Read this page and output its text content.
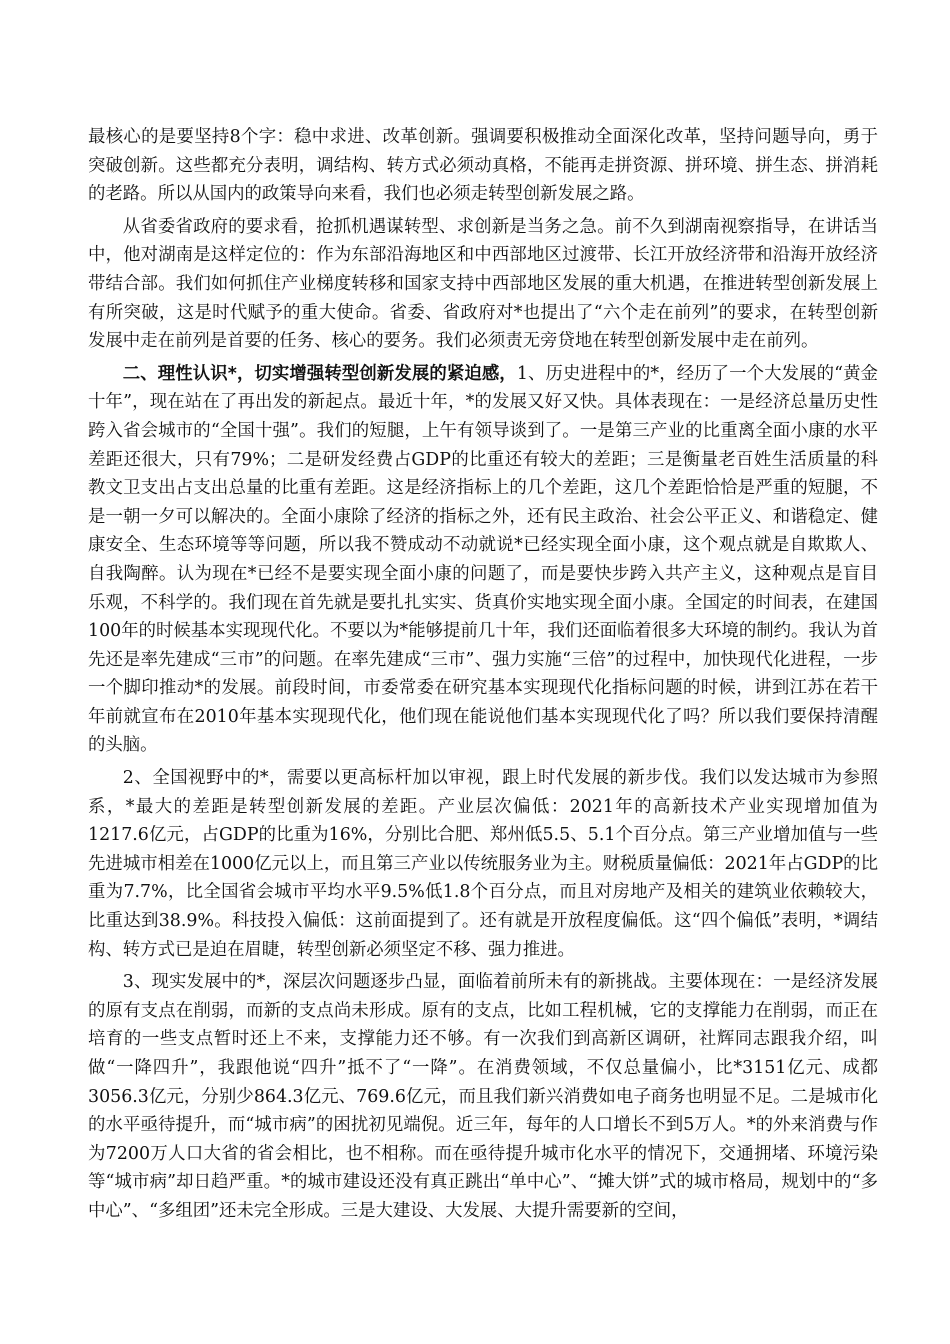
最核心的是要坚持8个字：稳中求进、改革创新。强调要积极推动全面深化改革，坚持问题导向，勇于突破创新。这些都充分表明，调结构、转方式必须动真格，不能再走拼资源、拼环境、拼生态、拼消耗的老路。所以从国内的政策导向来看，我们也必须走转型创新发展之路。

从省委省政府的要求看，抢抓机遇谋转型、求创新是当务之急。前不久到湖南视察指导，在讲话当中，他对湖南是这样定位的：作为东部沿海地区和中西部地区过渡带、长江开放经济带和沿海开放经济带结合部。我们如何抓住产业梯度转移和国家支持中西部地区发展的重大机遇，在推进转型创新发展上有所突破，这是时代赋予的重大使命。省委、省政府对*也提出了“六个走在前列”的要求，在转型创新发展中走在前列是首要的任务、核心的要务。我们必须责无旁贷地在转型创新发展中走在前列。

二、理性认识*，切实增强转型创新发展的紧迫感，1、历史进程中的*，经历了一个大发展的“黄金十年”，现在站在了再出发的新起点。最近十年，*的发展又好又快。具体表现在：一是经济总量历史性跨入省会城市的“全国十强”。我们的短腿，上午有领导谈到了。一是第三产业的比重离全面小康的水平差距还很大，只有79%；二是研发经费占GDP的比重还有较大的差距；三是衡量老百姓生活质量的科教文卫支出占支出总量的比重有差距。这是经济指标上的几个差距，这几个差距恰恰是严重的短腿，不是一朝一夕可以解决的。全面小康除了经济的指标之外，还有民主政治、社会公平正义、和谐稳定、健康安全、生态环境等等问题，所以我不赞成动不动就说*已经实现全面小康，这个观点就是自欺欺人、自我陶醉。认为现在*已经不是要实现全面小康的问题了，而是要快步跨入共产主义，这种观点是盲目乐观，不科学的。我们现在首先就是要扎扎实实、货真价实地实现全面小康。全国定的时间表，在建国100年的时候基本实现现代化。不要以为*能够提前几十年，我们还面临着很多大环境的制约。我认为首先还是率先建成“三市”的问题。在率先建成“三市”、强力实施“三倍”的过程中，加快现代化进程，一步一个脚印推动*的发展。前段时间，市委常委在研究基本实现现代化指标问题的时候，讲到江苏在若干年前就宣布在2010年基本实现现代化，他们现在能说他们基本实现现代化了吗？所以我们要保持清醒的头脑。

2、全国视野中的*，需要以更高标杆加以审视，跟上时代发展的新步伐。我们以发达城市为参照系，*最大的差距是转型创新发展的差距。产业层次偏低：2021年的高新技术产业实现增加值为1217.6亿元，占GDP的比重为16%，分别比合肥、郑州低5.5、5.1个百分点。第三产业增加值与一些先进城市相差在1000亿元以上，而且第三产业以传统服务业为主。财税质量偏低：2021年占GDP的比重为7.7%，比全国省会城市平均水平9.5%低1.8个百分点，而且对房地产及相关的建筑业依赖较大，比重达到38.9%。科技投入偏低：这前面提到了。还有就是开放程度偏低。这“四个偏低”表明，*调结构、转方式已是迫在眉睫，转型创新必须坚定不移、强力推进。

3、现实发展中的*，深层次问题逐步凸显，面临着前所未有的新挑战。主要体现在：一是经济发展的原有支点在削弱，而新的支点尚未形成。原有的支点，比如工程机械，它的支撑能力在削弱，而正在培育的一些支点暂时还上不来，支撑能力还不够。有一次我们到高新区调研，社辉同志跟我介绍，叫做“一降四升”，我跟他说“四升”抵不了“一降”。在消费领域，不仅总量偏小，比*3151亿元、成都3056.3亿元，分别少864.3亿元、769.6亿元，而且我们新兴消费如电子商务也明显不足。二是城市化的水平亟待提升，而“城市病”的困扰初见端倪。近三年，每年的人口增长不到5万人。*的外来消费与作为7200万人口大省的省会相比，也不相称。而在亟待提升城市化水平的情况下，交通拥堵、环境污染等“城市病”却日趋严重。*的城市建设还没有真正跳出“单中心”、“摊大饼”式的城市格局，规划中的“多中心”、“多组团”还未完全形成。三是大建设、大发展、大提升需要新的空间，
